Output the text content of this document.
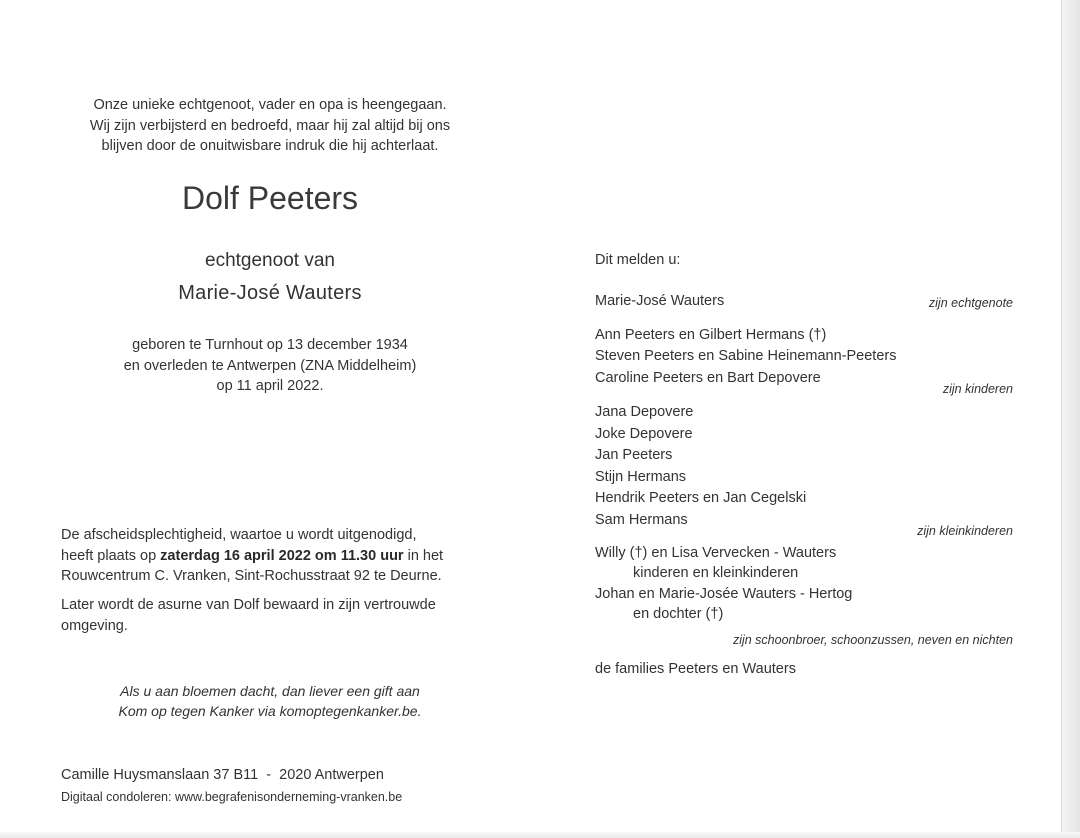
Onze unieke echtgenoot, vader en opa is heengegaan.
Wij zijn verbijsterd en bedroefd, maar hij zal altijd bij ons
blijven door de onuitwisbare indruk die hij achterlaat.
Dolf Peeters
echtgenoot van
Marie-José Wauters
geboren te Turnhout op 13 december 1934
en overleden te Antwerpen (ZNA Middelheim)
op 11 april 2022.
De afscheidsplechtigheid, waartoe u wordt uitgenodigd,
heeft plaats op zaterdag 16 april 2022 om 11.30 uur in het
Rouwcentrum C. Vranken, Sint-Rochusstraat 92 te Deurne.
Later wordt de asurne van Dolf bewaard in zijn vertrouwde
omgeving.
Als u aan bloemen dacht, dan liever een gift aan
Kom op tegen Kanker via komoptegenkanker.be.
Camille Huysmanslaan 37 B11  -  2020 Antwerpen
Digitaal condoleren: www.begrafenisonderneming-vranken.be
Dit melden u:
Marie-José Wauters	zijn echtgenote
Ann Peeters en Gilbert Hermans (†)
Steven Peeters en Sabine Heinemann-Peeters
Caroline Peeters en Bart Depovere
zijn kinderen
Jana Depovere
Joke Depovere
Jan Peeters
Stijn Hermans
Hendrik Peeters en Jan Cegelski
Sam Hermans
zijn kleinkinderen
Willy (†) en Lisa Vervecken - Wauters
kinderen en kleinkinderen
Johan en Marie-Josée Wauters - Hertog
en dochter (†)
zijn schoonbroer, schoonzussen, neven en nichten
de families Peeters en Wauters
